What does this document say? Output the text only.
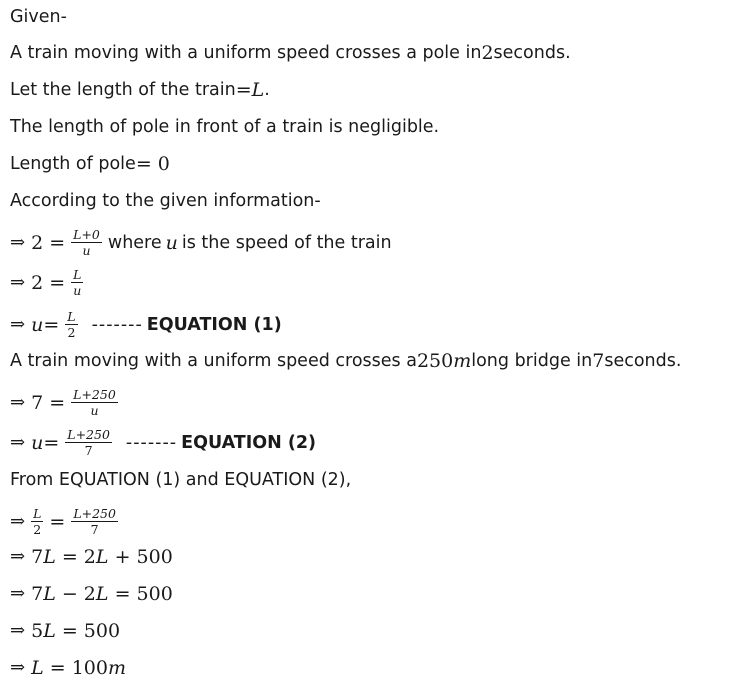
Given-
A train moving with a uniform speed crosses a pole in 2 seconds.
Let the length of the train = L .
The length of pole in front of a train is negligible.
Length of pole = 0
According to the given information-
⇒ $2 = \frac{L+0}{u}$ where u is the speed of the train
⇒ $2 = \frac{L}{u}$
⇒ $u = \frac{L}{2}$ ------- EQUATION (1)
A train moving with a uniform speed crosses a 250 m long bridge in 7 seconds.
⇒ $7 = \frac{L+250}{u}$
⇒ $u = \frac{L+250}{7}$ ------- EQUATION (2)
From EQUATION (1) and EQUATION (2),
⇒ $\frac{L}{2} = \frac{L+250}{7}$
⇒ 7L = 2L + 500
⇒ 7L − 2L = 500
⇒ 5L = 500
⇒ L = 100 m
